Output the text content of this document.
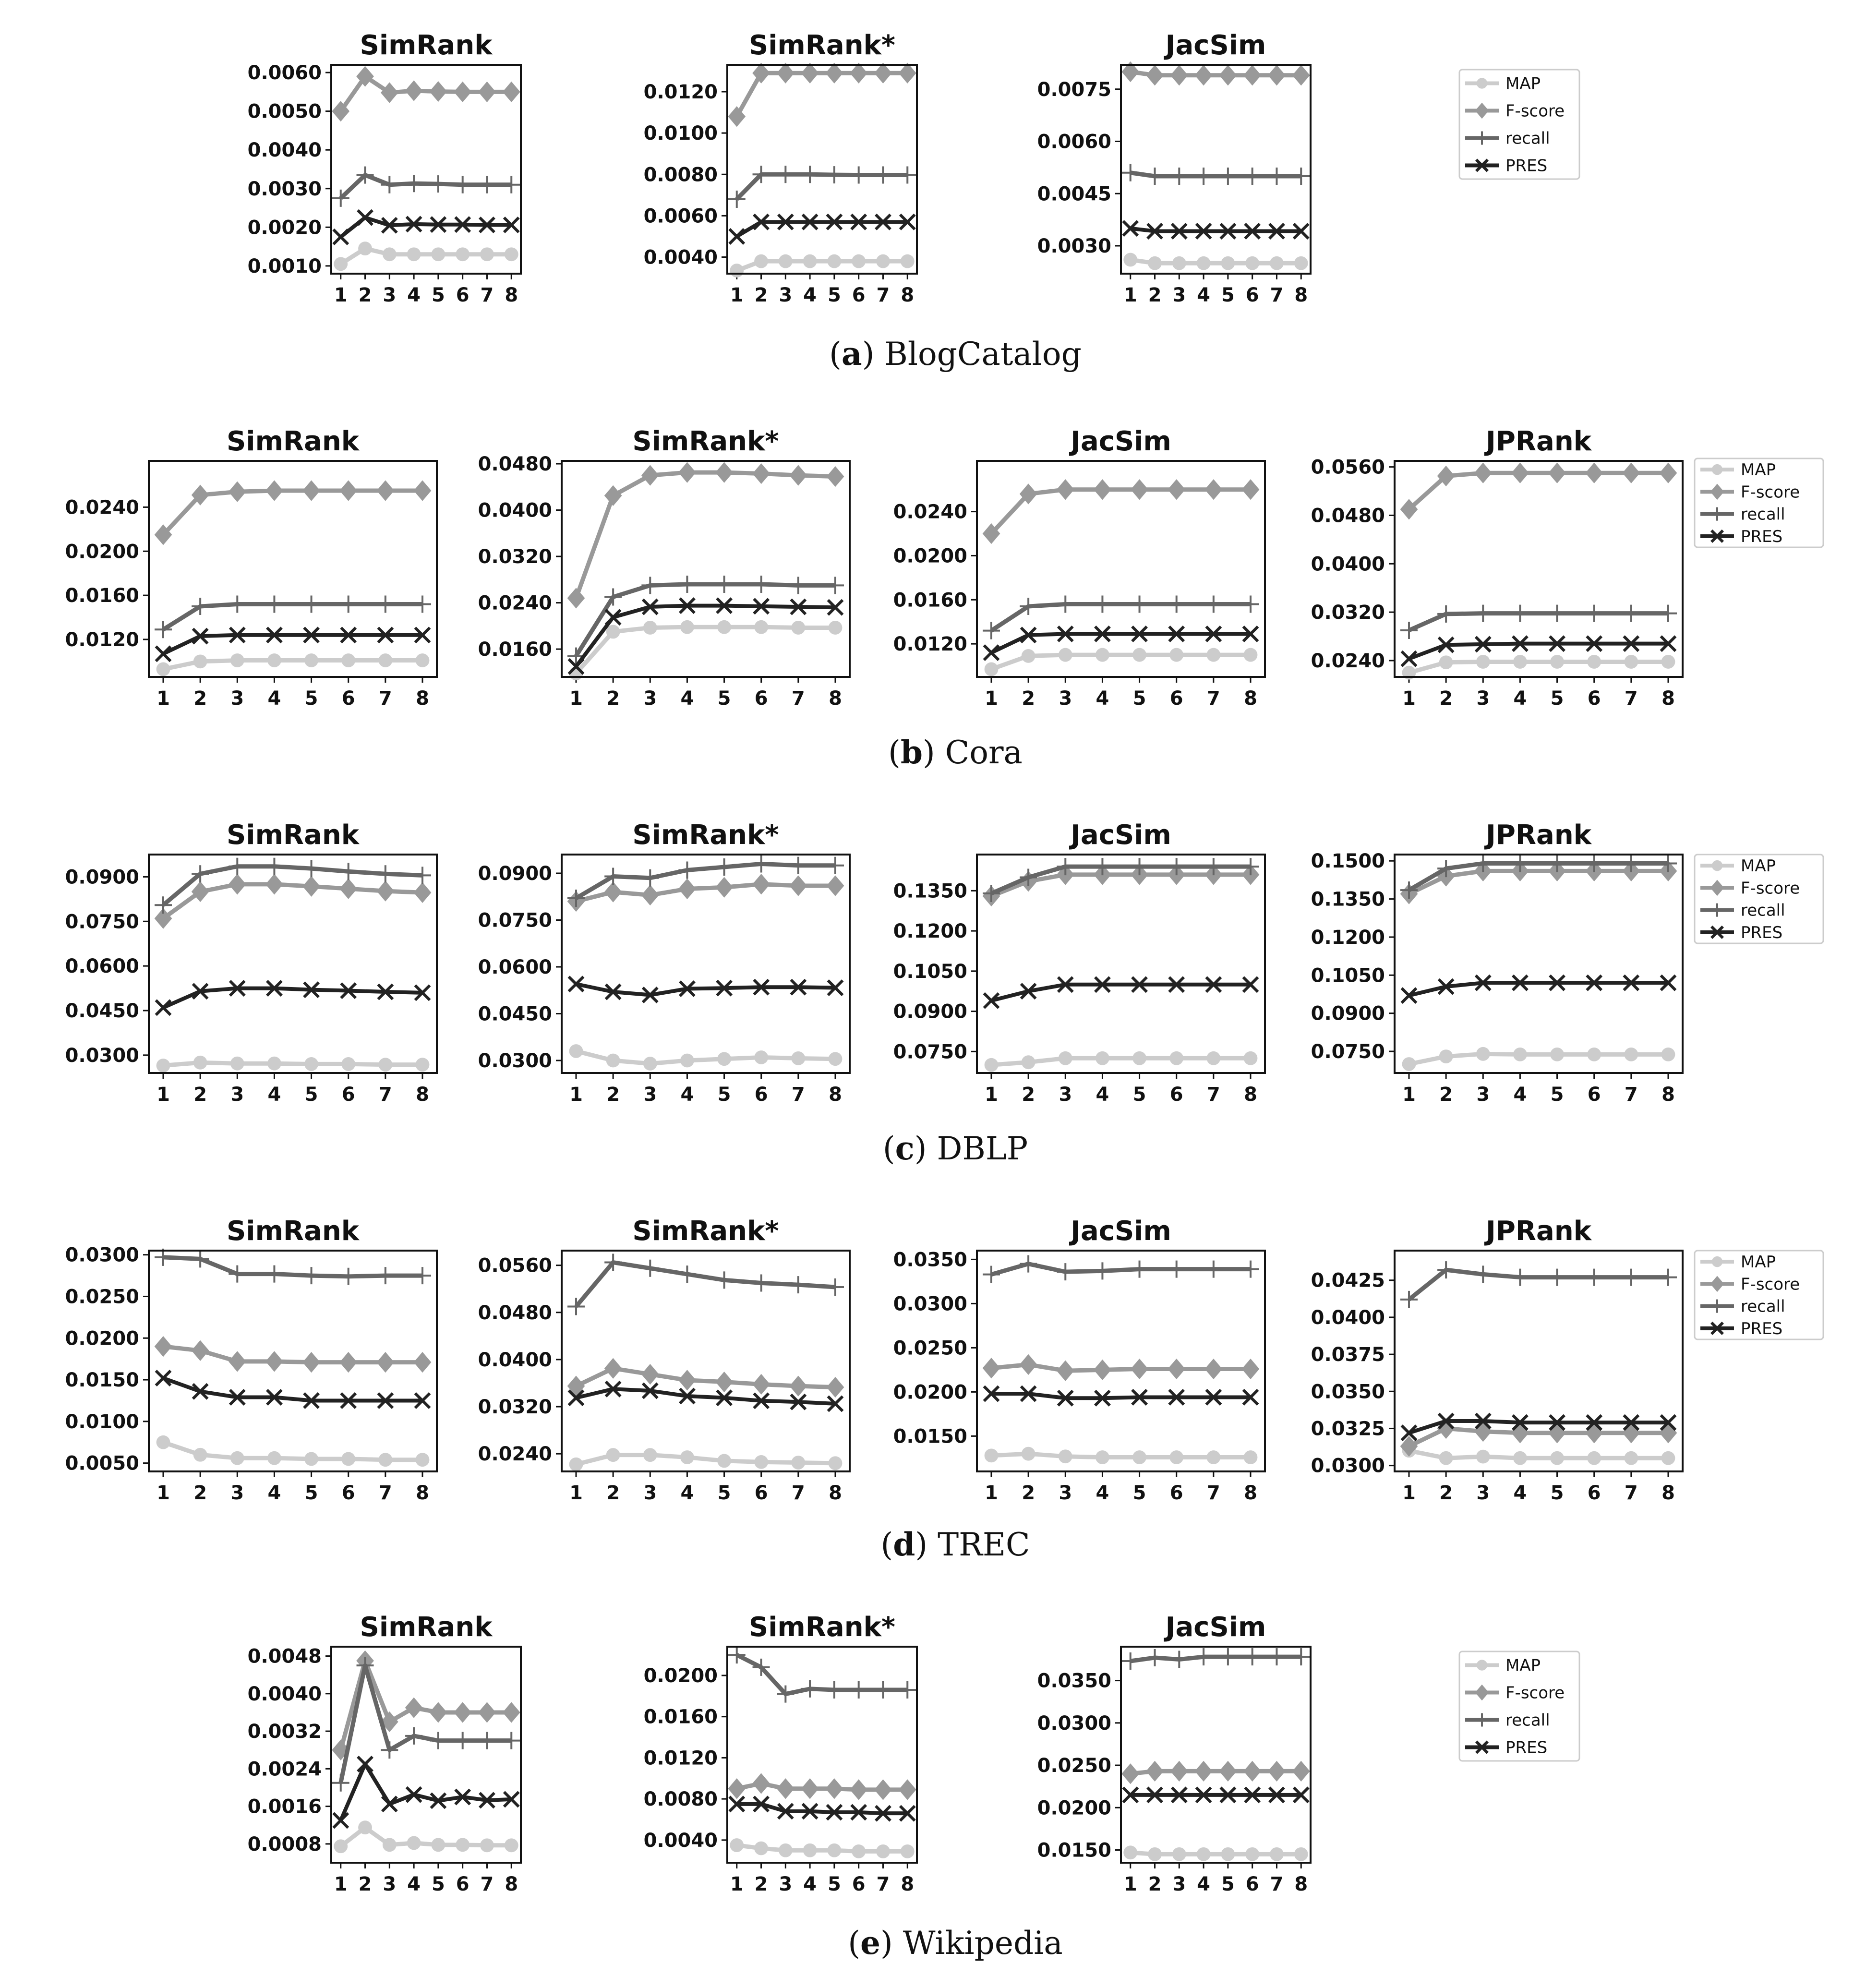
SimRank
0.0010
0.0020
0.0030
0.0040
0.0050
0.0060
1 2 3 4 5 6 7 8
SimRank*
0.0040
0.0060
0.0080
0.0100
0.0120
1 2 3 4 5 6 7 8
JacSim
0.0030
0.0045
0.0060
0.0075
1 2 3 4 5 6 7 8
MAP
F-score
recall
PRES
(a) BlogCatalog
SimRank
0.0120
0.0160
0.0200
0.0240
1 2 3 4 5 6 7 8
SimRank*
0.0160
0.0240
0.0320
0.0400
0.0480
1 2 3 4 5 6 7 8
JacSim
0.0120
0.0160
0.0200
0.0240
1 2 3 4 5 6 7 8
JPRank
0.0240
0.0320
0.0400
0.0480
0.0560
1 2 3 4 5 6 7 8
MAP
F-score
recall
PRES
(b) Cora
SimRank
0.0300
0.0450
0.0600
0.0750
0.0900
1 2 3 4 5 6 7 8
SimRank*
0.0300
0.0450
0.0600
0.0750
0.0900
1 2 3 4 5 6 7 8
JacSim
0.0750
0.0900
0.1050
0.1200
0.1350
1 2 3 4 5 6 7 8
JPRank
0.0750
0.0900
0.1050
0.1200
0.1350
0.1500
1 2 3 4 5 6 7 8
MAP
F-score
recall
PRES
(c) DBLP
SimRank
0.0050
0.0100
0.0150
0.0200
0.0250
0.0300
1 2 3 4 5 6 7 8
SimRank*
0.0240
0.0320
0.0400
0.0480
0.0560
1 2 3 4 5 6 7 8
JacSim
0.0150
0.0200
0.0250
0.0300
0.0350
1 2 3 4 5 6 7 8
JPRank
0.0300
0.0325
0.0350
0.0375
0.0400
0.0425
1 2 3 4 5 6 7 8
MAP
F-score
recall
PRES
(d) TREC
SimRank
0.0008
0.0016
0.0024
0.0032
0.0040
0.0048
1 2 3 4 5 6 7 8
SimRank*
0.0040
0.0080
0.0120
0.0160
0.0200
1 2 3 4 5 6 7 8
JacSim
0.0150
0.0200
0.0250
0.0300
0.0350
1 2 3 4 5 6 7 8
MAP
F-score
recall
PRES
(e) Wikipedia
